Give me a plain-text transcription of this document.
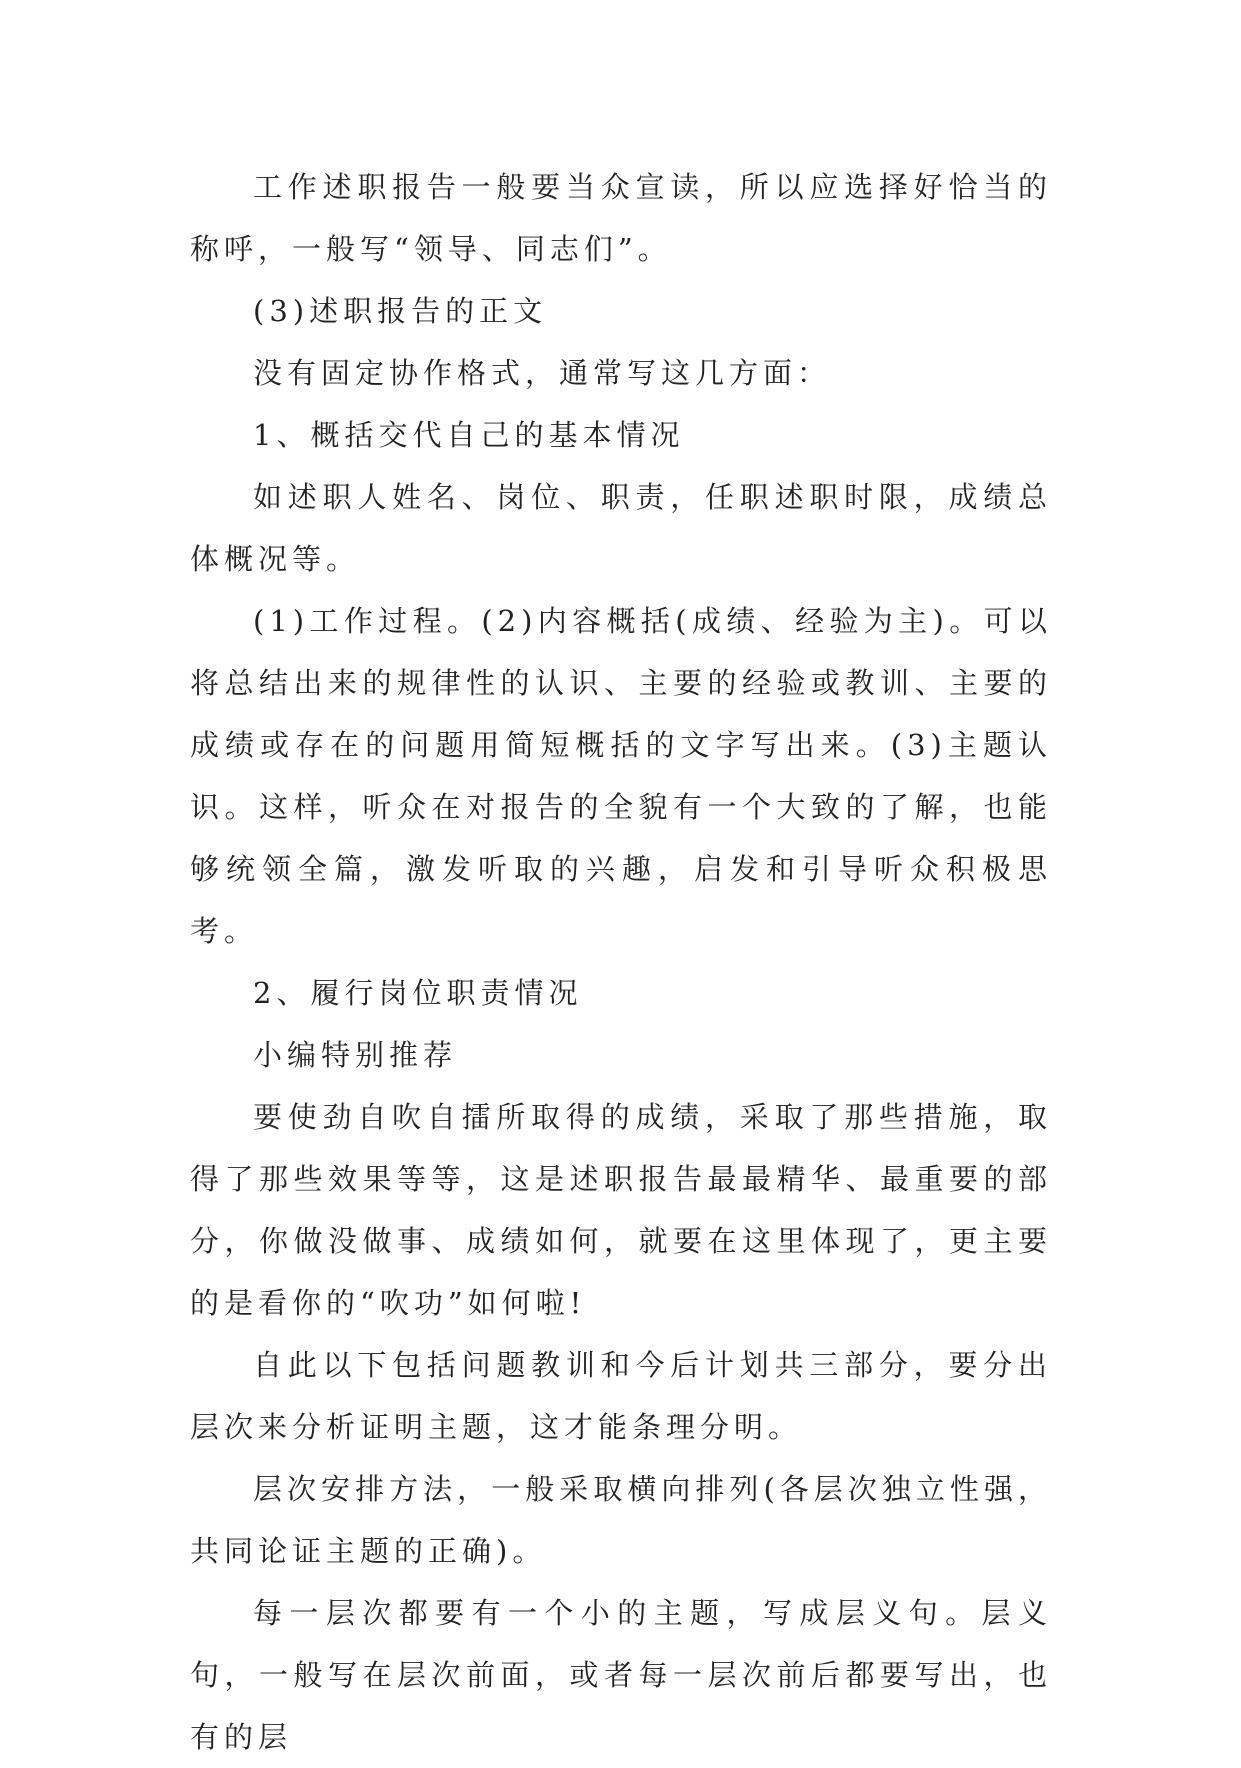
工作述职报告一般要当众宣读，所以应选择好恰当的称呼，一般写“领导、同志们”。

(3)述职报告的正文

没有固定协作格式，通常写这几方面：

1、概括交代自己的基本情况

如述职人姓名、岗位、职责，任职述职时限，成绩总体概况等。

(1)工作过程。(2)内容概括(成绩、经验为主)。可以将总结出来的规律性的认识、主要的经验或教训、主要的成绩或存在的问题用简短概括的文字写出来。(3)主题认识。这样，听众在对报告的全貌有一个大致的了解，也能够统领全篇，激发听取的兴趣，启发和引导听众积极思考。

2、履行岗位职责情况

小编特别推荐

要使劲自吹自擂所取得的成绩，采取了那些措施，取得了那些效果等等，这是述职报告最最精华、最重要的部分，你做没做事、成绩如何，就要在这里体现了，更主要的是看你的“吹功”如何啦!

自此以下包括问题教训和今后计划共三部分，要分出层次来分析证明主题，这才能条理分明。

层次安排方法，一般采取横向排列(各层次独立性强，共同论证主题的正确)。

每一层次都要有一个小的主题，写成层义句。层义句，一般写在层次前面，或者每一层次前后都要写出，也有的层
